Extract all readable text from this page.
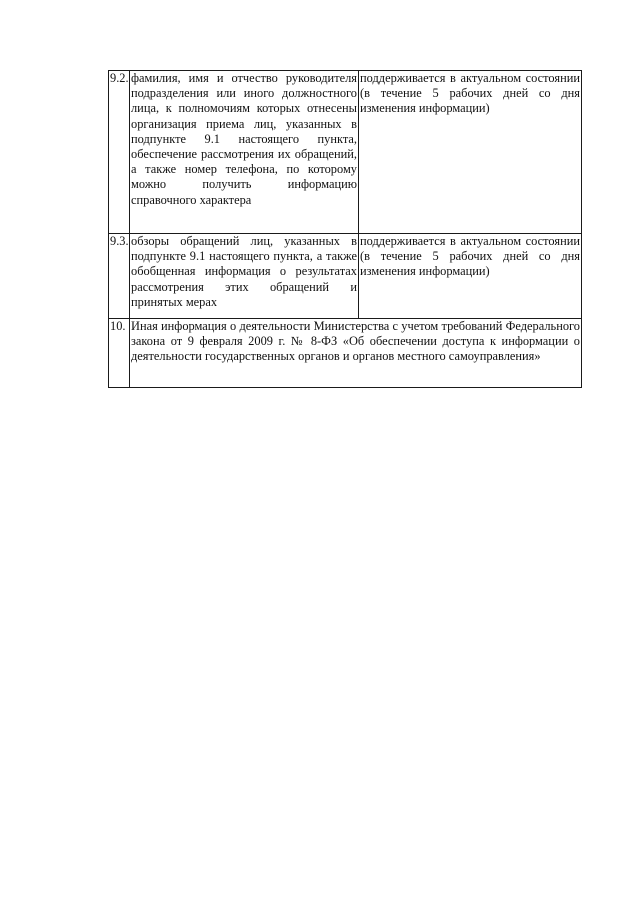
9.2.	фамилия, имя и отчество руководителя подразделения или иного должностного лица, к полномочиям которых отнесены организация приема лиц, указанных в подпункте 9.1 настоящего пункта, обеспечение рассмотрения их обращений, а также номер телефона, по которому можно получить информацию справочного характера	поддерживается в актуальном состоянии (в течение 5 рабочих дней со дня изменения информации)
9.3.	обзоры обращений лиц, указанных в подпункте 9.1 настоящего пункта, а также обобщенная информация о результатах рассмотрения этих обращений и принятых мерах	поддерживается в актуальном состоянии (в течение 5 рабочих дней со дня изменения информации)
10.	Иная информация о деятельности Министерства с учетом требований Федерального закона от 9 февраля 2009 г. № 8-ФЗ «Об обеспечении доступа к информации о деятельности государственных органов и органов местного самоуправления»	
